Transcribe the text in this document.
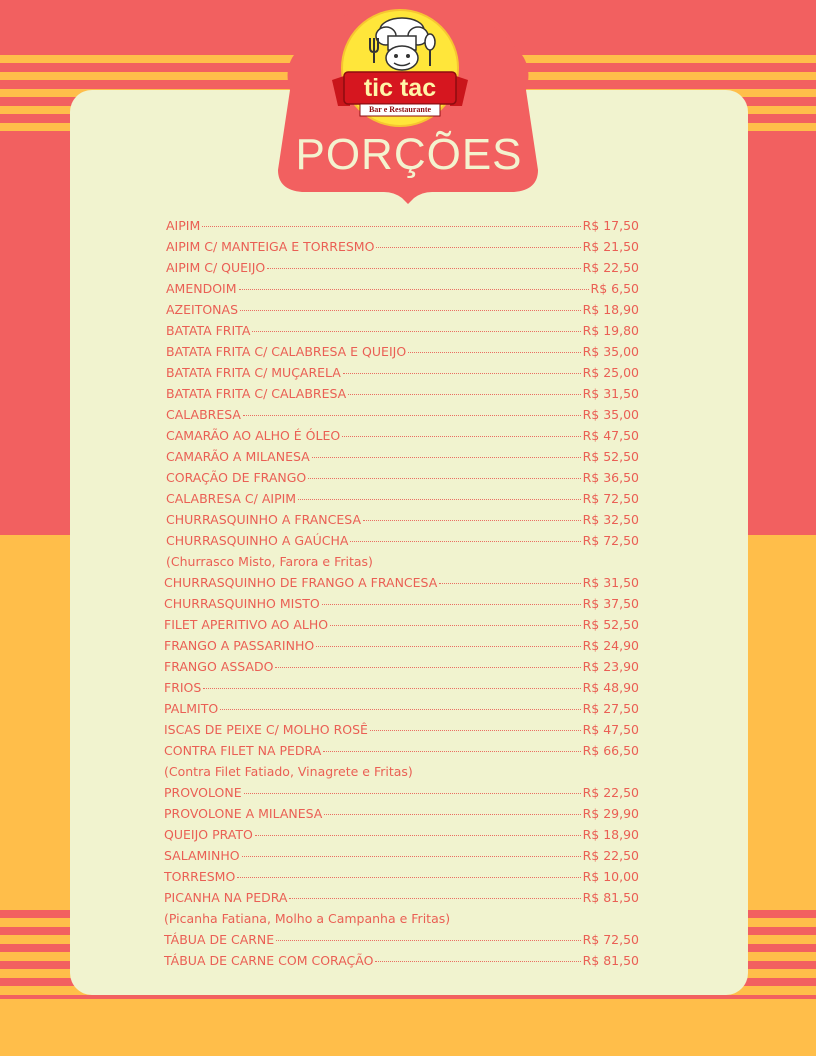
tic tac
Bar e Restaurante
PORÇÕES
AIPIM	R$ 17,50
AIPIM C/ MANTEIGA E TORRESMO	R$ 21,50
AIPIM C/ QUEIJO	R$ 22,50
AMENDOIM	R$ 6,50
AZEITONAS	R$ 18,90
BATATA FRITA	R$ 19,80
BATATA FRITA C/ CALABRESA E QUEIJO	R$ 35,00
BATATA FRITA C/ MUÇARELA	R$ 25,00
BATATA FRITA C/ CALABRESA	R$ 31,50
CALABRESA	R$ 35,00
CAMARÃO AO ALHO É ÓLEO	R$ 47,50
CAMARÃO A MILANESA	R$ 52,50
CORAÇÃO DE FRANGO	R$ 36,50
CALABRESA C/ AIPIM	R$ 72,50
CHURRASQUINHO A FRANCESA	R$ 32,50
CHURRASQUINHO A GAÚCHA	R$ 72,50
(Churrasco Misto, Farora e Fritas)
CHURRASQUINHO DE FRANGO A FRANCESA	R$ 31,50
CHURRASQUINHO MISTO	R$ 37,50
FILET APERITIVO AO ALHO	R$ 52,50
FRANGO A PASSARINHO	R$ 24,90
FRANGO ASSADO	R$ 23,90
FRIOS	R$ 48,90
PALMITO	R$ 27,50
ISCAS DE PEIXE C/ MOLHO ROSÊ	R$ 47,50
CONTRA FILET NA PEDRA	R$ 66,50
(Contra Filet Fatiado, Vinagrete e Fritas)
PROVOLONE	R$ 22,50
PROVOLONE A MILANESA	R$ 29,90
QUEIJO PRATO	R$ 18,90
SALAMINHO	R$ 22,50
TORRESMO	R$ 10,00
PICANHA NA PEDRA	R$ 81,50
(Picanha Fatiana, Molho a Campanha e Fritas)
TÁBUA DE CARNE	R$ 72,50
TÁBUA DE CARNE COM CORAÇÃO	R$ 81,50
